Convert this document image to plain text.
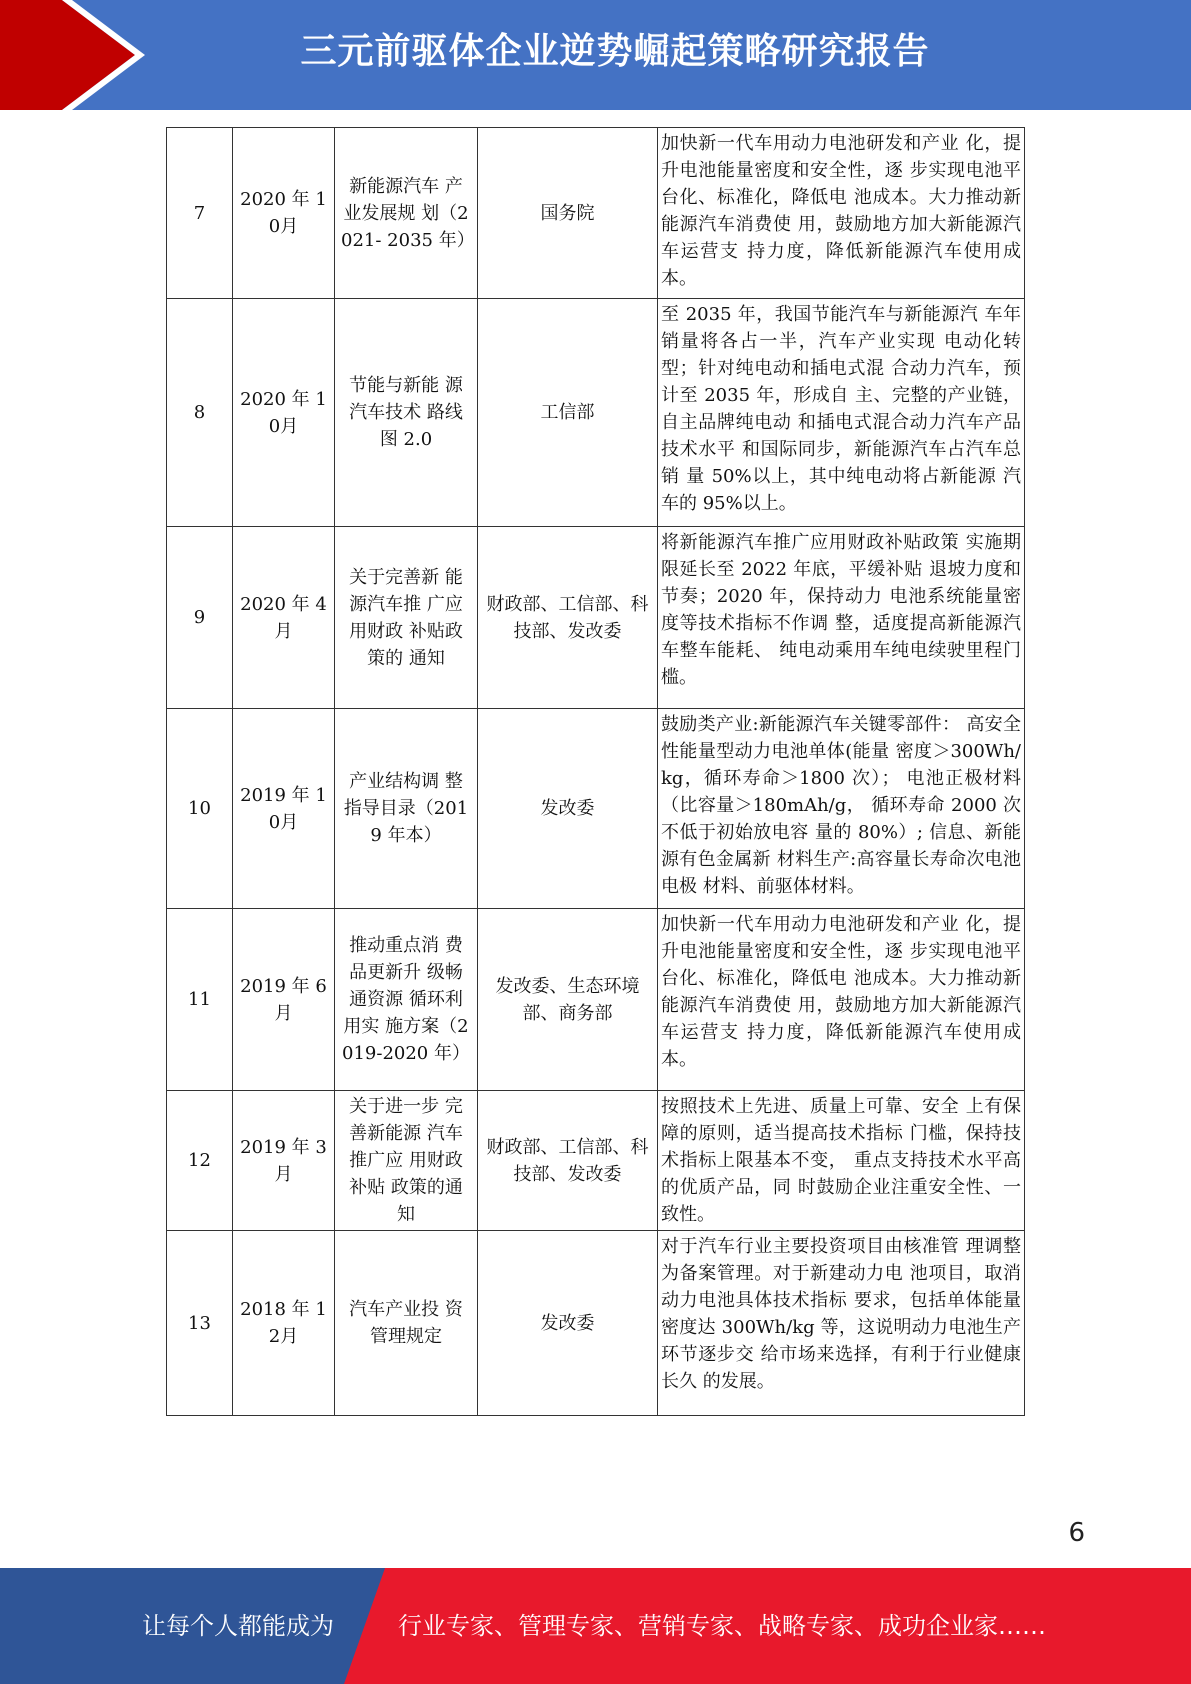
三元前驱体企业逆势崛起策略研究报告
7	2020 年 10月	新能源汽车 产业发展规 划（2021- 2035 年）	国务院	加快新一代车用动力电池研发和产业 化，提升电池能量密度和安全性，逐 步实现电池平台化、标准化，降低电 池成本。大力推动新能源汽车消费使 用，鼓励地方加大新能源汽车运营支 持力度，降低新能源汽车使用成本。
8	2020 年 10月	节能与新能 源汽车技术 路线图 2.0	工信部	至 2035 年，我国节能汽车与新能源汽 车年销量将各占一半，汽车产业实现 电动化转型；针对纯电动和插电式混 合动力汽车，预计至 2035 年，形成自 主、完整的产业链，自主品牌纯电动 和插电式混合动力汽车产品技术水平 和国际同步，新能源汽车占汽车总销 量 50%以上，其中纯电动将占新能源 汽车的 95%以上。
9	2020 年 4 月	关于完善新 能源汽车推 广应用财政 补贴政策的 通知	财政部、工信部、科技部、发改委	将新能源汽车推广应用财政补贴政策 实施期限延长至 2022 年底，平缓补贴 退坡力度和节奏；2020 年，保持动力 电池系统能量密度等技术指标不作调 整，适度提高新能源汽车整车能耗、 纯电动乘用车纯电续驶里程门槛。
10	2019 年 10月	产业结构调 整指导目录（2019 年本）	发改委	鼓励类产业:新能源汽车关键零部件： 高安全性能量型动力电池单体(能量 密度＞300Wh/kg，循环寿命＞1800 次）； 电池正极材料（比容量＞180mAh/g， 循环寿命 2000 次不低于初始放电容 量的 80%）; 信息、新能源有色金属新 材料生产:高容量长寿命次电池电极 材料、前驱体材料。
11	2019 年 6 月	推动重点消 费品更新升 级畅通资源 循环利用实 施方案（2019-2020 年）	发改委、生态环境部、商务部	加快新一代车用动力电池研发和产业 化，提升电池能量密度和安全性，逐 步实现电池平台化、标准化，降低电 池成本。大力推动新能源汽车消费使 用，鼓励地方加大新能源汽车运营支 持力度，降低新能源汽车使用成本。
12	2019 年 3 月	关于进一步 完善新能源 汽车推广应 用财政补贴 政策的通知	财政部、工信部、科技部、发改委	按照技术上先进、质量上可靠、安全 上有保障的原则，适当提高技术指标 门槛，保持技术指标上限基本不变， 重点支持技术水平高的优质产品，同 时鼓励企业注重安全性、一致性。
13	2018 年 12月	汽车产业投 资管理规定	发改委	对于汽车行业主要投资项目由核准管 理调整为备案管理。对于新建动力电 池项目，取消动力电池具体技术指标 要求，包括单体能量密度达 300Wh/kg 等，这说明动力电池生产环节逐步交 给市场来选择，有利于行业健康长久 的发展。
6
让每个人都能成为	行业专家、管理专家、营销专家、战略专家、成功企业家……
